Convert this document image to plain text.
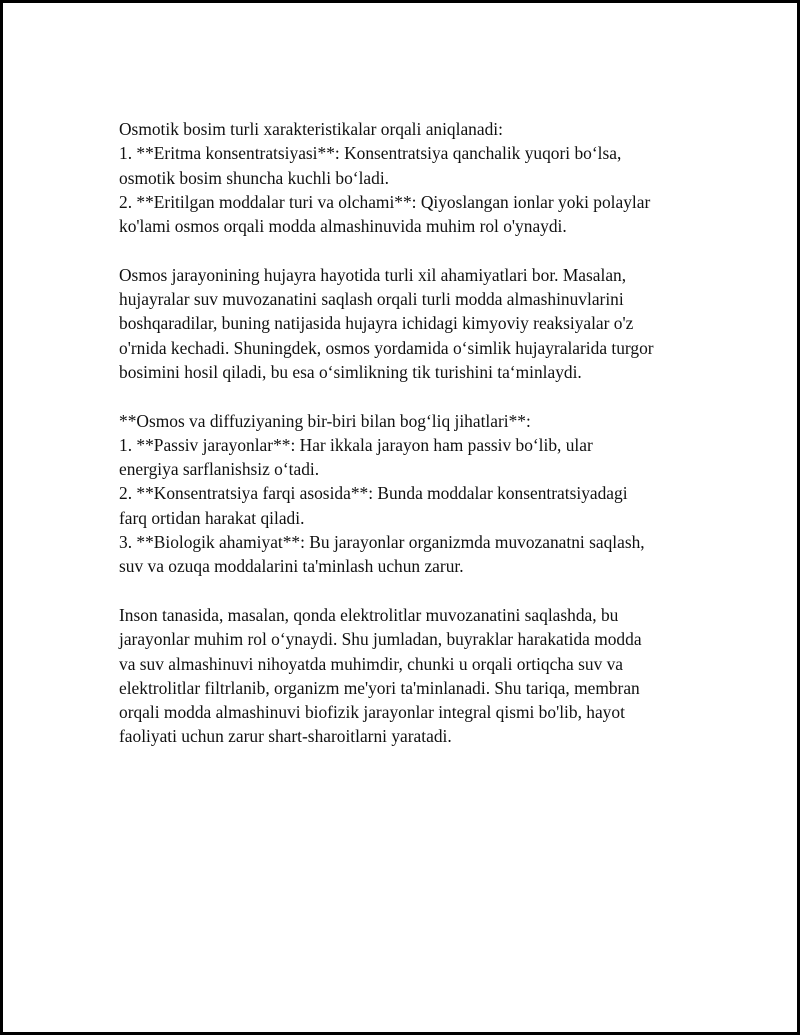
Osmotik bosim turli xarakteristikalar orqali aniqlanadi:
1. **Eritma konsentratsiyasi**: Konsentratsiya qanchalik yuqori bo‘lsa,
osmotik bosim shuncha kuchli bo‘ladi.
2. **Eritilgan moddalar turi va olchami**: Qiyoslangan ionlar yoki polaylar
ko'lami osmos orqali modda almashinuvida muhim rol o'ynaydi.

Osmos jarayonining hujayra hayotida turli xil ahamiyatlari bor. Masalan,
hujayralar suv muvozanatini saqlash orqali turli modda almashinuvlarini
boshqaradilar, buning natijasida hujayra ichidagi kimyoviy reaksiyalar o'z
o'rnida kechadi. Shuningdek, osmos yordamida o‘simlik hujayralarida turgor
bosimini hosil qiladi, bu esa o‘simlikning tik turishini ta‘minlaydi.

**Osmos va diffuziyaning bir-biri bilan bog‘liq jihatlari**:
1. **Passiv jarayonlar**: Har ikkala jarayon ham passiv bo‘lib, ular
energiya sarflanishsiz o‘tadi.
2. **Konsentratsiya farqi asosida**: Bunda moddalar konsentratsiyadagi
farq ortidan harakat qiladi.
3. **Biologik ahamiyat**: Bu jarayonlar organizmda muvozanatni saqlash,
suv va ozuqa moddalarini ta'minlash uchun zarur.

Inson tanasida, masalan, qonda elektrolitlar muvozanatini saqlashda, bu
jarayonlar muhim rol o‘ynaydi. Shu jumladan, buyraklar harakatida modda
va suv almashinuvi nihoyatda muhimdir, chunki u orqali ortiqcha suv va
elektrolitlar filtrlanib, organizm me'yori ta'minlanadi. Shu tariqa, membran
orqali modda almashinuvi biofizik jarayonlar integral qismi bo'lib, hayot
faoliyati uchun zarur shart-sharoitlarni yaratadi.
